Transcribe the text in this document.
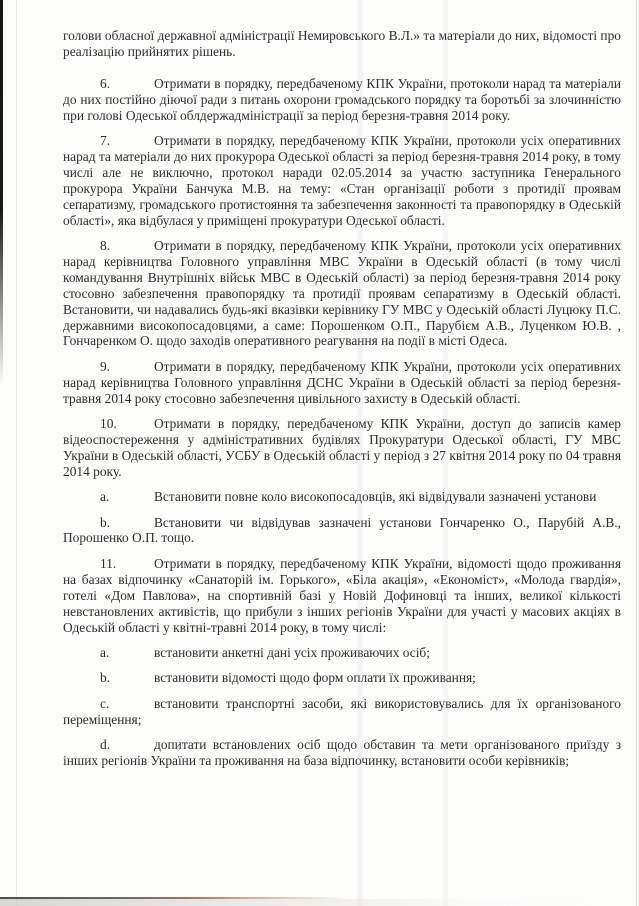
голови обласної державної адміністрації Немировського В.Л.» та матеріали до них, відомості про реалізацію прийнятих рішень.

6.	Отримати в порядку, передбаченому КПК України, протоколи нарад та матеріали до них постійно діючої ради з питань охорони громадського порядку та боротьбі за злочинністю при голові Одеської облдержадміністрації за період березня-травня 2014 року.

7.	Отримати в порядку, передбаченому КПК України, протоколи усіх оперативних нарад та матеріали до них прокурора Одеської області за період березня-травня 2014 року, в тому числі але не виключно, протокол наради 02.05.2014 за участю заступника Генерального прокурора України Банчука М.В. на тему: «Стан організації роботи з протидії проявам сепаратизму, громадського протистояння та забезпечення законності та правопорядку в Одеській області», яка відбулася у приміщені прокуратури Одеської області.

8.	Отримати в порядку, передбаченому КПК України, протоколи усіх оперативних нарад керівництва Головного управління МВС України в Одеській області (в тому числі командування Внутрішніх військ МВС в Одеській області) за період березня-травня 2014 року стосовно забезпечення правопорядку та протидії проявам сепаратизму в Одеській області. Встановити, чи надавались будь-які вказівки керівнику ГУ МВС у Одеській області Луцюку П.С. державними високопосадовцями, а саме: Порошенком О.П., Парубієм А.В., Луценком Ю.В. , Гончаренком О. щодо заходів оперативного реагування на події в місті Одеса.

9.	Отримати в порядку, передбаченому КПК України, протоколи усіх оперативних нарад керівництва Головного управління ДСНС України в Одеській області за період березня-травня 2014 року стосовно забезпечення цивільного захисту в Одеській області.

10.	Отримати в порядку, передбаченому КПК України, доступ до записів камер відеоспостереження у адміністративних будівлях Прокуратури Одеської області, ГУ МВС України в Одеській області, УСБУ в Одеській області у період з 27 квітня 2014 року по 04 травня 2014 року.

a.	Встановити повне коло високопосадовців, які відвідували зазначені установи

b.	Встановити чи відвідував зазначені установи Гончаренко О., Парубій А.В., Порошенко О.П. тощо.

11.	Отримати в порядку, передбаченому КПК України, відомості щодо проживання на базах відпочинку «Санаторій ім. Горького», «Біла акація», «Економіст», «Молода гвардія», готелі «Дом Павлова», на спортивній базі у Новій Дофиновці та інших, великої кількості невстановлених активістів, що прибули з інших регіонів України для участі у масових акціях в Одеській області у квітні-травні 2014 року, в тому числі:

a.	встановити анкетні дані усіх проживаючих осіб;

b.	встановити відомості щодо форм оплати їх проживання;

c.	встановити транспортні засоби, які використовувались для їх організованого переміщення;

d.	допитати встановлених осіб щодо обставин та мети організованого приїзду з інших регіонів України та проживання на база відпочинку, встановити особи керівників;
